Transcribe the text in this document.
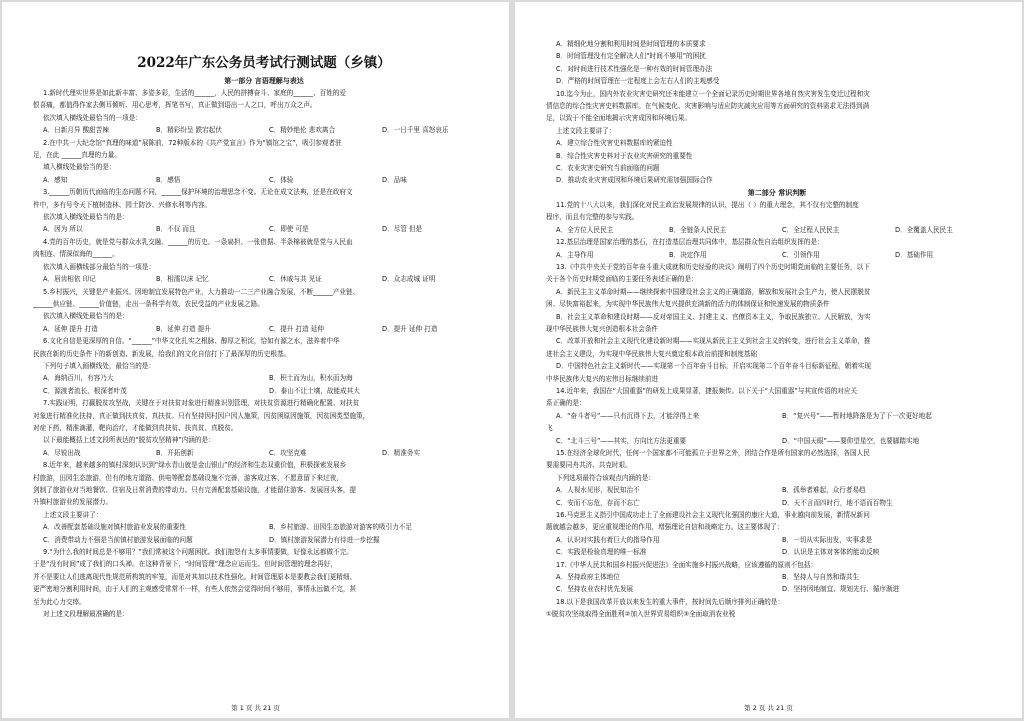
2022年广东公务员考试行测试题（乡镇）
第一部分 言语理解与表达
1.新时代理实世界是如此新丰富、多姿多彩，生活的______，人民的拼搏奋斗、家庭的______、百姓的爱
恨喜痛，都值得作家去侧耳倾听、用心思考，挥笔书写，真正做到语出一人之口，呼出万众之声。
依次填入横线处最恰当的一项是：
A．日新月异 酸甜苦辣	B．精彩纷呈 跌宕起伏	C．精妙绝伦 悲欢离合	D．一日千里 喜怒哀乐
2.在中共一大纪念馆“真理的味道”展陈前，72种版本的《共产党宣言》作为“镇馆之宝”，吸引参观者驻
足，在此 ______真理的力量。
填入横线处最恰当的是：
A．感知	B．感悟	C．体验	D．品味
3.______历朝历代面临的生态问题不同，______保护环境的治理思念不变。无论在成文法典，还是在政府文
件中，多有号令天下植树造林、园土防沙、兴修水利等内容。
依次填入横线处最恰当的是：
A．因为 所以	B．不仅 而且	C．即使 可是	D．尽管 但是
4.党的百年历史，就是党与群众水乳交融、______的历史。一条扁担、一张借据、半条棉被就是党与人民血
肉相连、情深似海的______。
依次填入画横线部分最恰当的一项是：
A．唇齿相依 印记	B．相濡以沫 记忆	C．休戚与共 见证	D．众志成城 证明
5.乡村振兴，关键是产业振兴。因地制宜发展特色产业，大力推动一二三产业融合发展，不断______产业链、
______供应链、______价值链，走出一条科学有效、农民受益的产业发展之路。
依次填入横线处最恰当的是：
A．延伸 提升 打造	B．延伸 打造 提升	C．提升 打造 延伸	D．提升 延伸 打造
6.文化自信是更深厚的自信。“______”中华文化扎实之根脉、醇厚之积淀，恰如有源之水，滋养着中华
民族在新的历史条件下的新创造、新发展，给我们的文化自信打下了最深厚的历史根基。
下列句子填入画横线处，最恰当的是：
A．海纳百川，有容乃大	B．积土而为山，积水而为海
C．源渡者流长，根深者叶茂	D．泰山不让土壤，故能成其大
7.实践证明，打赢脱贫攻坚战，关键在于对扶贫对象进行精准识别管理，对扶贫资源进行精确化配置、对扶贫
对象进行精准化扶持，真正做到扶真贫、真扶贫。只有坚持因村因户因人施策，因贫困原因施策，因贫困类型施策，
对症下药，精准滴灌，靶向治疗，才能做到真扶贫、扶真贫、真脱贫。
以下最能概括上述文段所表达的“脱贫攻坚精神”内涵的是：
A．尽锐出战	B．开拓创新	C．攻坚克难	D．精准务实
8.近年来，越来越多的镇村深刻认识到“绿水青山就是金山银山”的经济和生态双重价值，积极探索发展乡
村旅游，田园生态旅游，但有的地方道路、供电等配套基础设施不完善，游客成过客，不愿意留下来过夜，
剑制了旅游业对当地餐饮、住宿及日常消费的带动力。只有完善配套基础设施，才能留住游客、发展回头客，提
升镇村旅游业的发展潜力。
上述文段主要讲了：
A．改善配套基础设施对镇村旅游业发展的重要性	B．乡村旅游、田园生态旅游对游客的吸引力不足
C．消费带动力不强是当前镇村旅游发展面临的问题	D．镇村旅游发展潜力有待进一步挖掘
9.“为什么我的时间总是不够用？”我们常被这个问题困扰。我们抱怨有太多事情要做，好像永远都做不完。
于是“没有时间”成了我们的口头禅。在这种背景下，“时间管理”理念应运而生。但时间管理的理念再好，
并不是要让人们逃离现代性规范所构筑的牢笼，而是对其加以技术性强化。时间管理原本是要教会我们更精细、
更严密地分割利用时间，由于人们的主观感受常常不一样，有些人依然会觉得时间不够用，事情永远做不完，甚
至为此心力交瘁。
对上述文段理解最准确的是：
第 1 页 共 21 页
A．精细化地分割和利用时间是时间管理的本质要求
B．时间管理没有完全解决人们“时间不够用”的困扰
C．对时间进行技术性强化是一种有效的时间管理办法
D．严格的时间管理在一定程度上会左右人们的主观感受
10.迄今为止，国内外农业灾害史研究还未能建立一个全面记录历史时期世界各地自然灾害发生变迁过程和灾
情信息的综合性灾害史料数据库。在气候变化、灾害影响与适应防灾减灾应用等方面研究的资料需求无法得到满
足，以致于不能全面地揭示灾害成因和环境后果。
上述文段主要讲了：
A．建立综合性灾害史料数据库的紧迫性
B．综合性灾害史料对于农业灾害研究的重要性
C．农业灾害史研究当前面临的问题
D．推动农业灾害成因和环境后果研究需加强国际合作
第二部分 常识判断
11.党的十八大以来，我们深化对民主政治发展规律的认识，提出（ ）的重大理念，其不仅有完整的制度
程序，而且有完整的参与实践。
A．全方位人民民主	B．全链条人民民主	C．全过程人民民主	D．全覆盖人民民主
12.基层治理是国家治理的基石，在打造基层治理共同体中，基层群众性自治组织发挥的是：
A．主导作用	B．决定作用	C．引领作用	D．基础作用
13.《中共中央关于党的百年奋斗重大成就和历史经验的决议》阐明了四个历史时期党面临的主要任务，以下
关于各个历史时期党面临的主要任务表述正确的是：
A．新民主主义革命时期——继续探索中国建设社会主义的正确道路，解放和发展社会生产力，使人民摆脱贫
困、尽快富裕起来，为实现中华民族伟大复兴提供充满新的活力的体制保证和快速发展的物质条件
B．社会主义革命和建设时期——反对帝国主义、封建主义、官僚资本主义，争取民族独立、人民解放，为实
现中华民族伟大复兴创造根本社会条件
C．改革开放和社会主义现代化建设新时期——实现从新民主主义到社会主义的转变，进行社会主义革命，推
进社会主义建设，为实现中华民族伟大复兴奠定根本政治前提和制度基础
D．中国特色社会主义新时代——实现第一个百年奋斗目标，开启实现第二个百年奋斗目标新征程，朝着实现
中华民族伟大复兴的宏伟目标继续前进
14.近年来，我国在“大国重器”的研发上成果显著，捷报频传。以下关于“大国重器”与其宣传语的对应关
系正确的是：
A．“奋斗者号”——只有沉得下去，才能浮得上来	B．“复兴号”——暂时地降落是为了下一次更好地起
飞
C．“北斗三号”——其实，方向比方法更重要	D．“中国天眼”——要仰望星空，也要脚踏实地
15.在经济全球化时代，任何一个国家都不可能孤立于世界之外，团结合作是所有国家的必然选择，各国人民
要需要同舟共济、共克时艰。
下列选项最符合该观点内涵的是：
A．人视水见形，视民知治不	B．孤举者难起，众行者易趋
C．安而不忘危，存而不忘亡	D．天不言而四时行，地不语而百物生
16.马克思主义指引中国成功走上了全面建设社会主义现代化强国的康庄大道，事业越向前发展，新情况新问
题就越会越多，更应重视理论的作用，增强理论自信和战略定力。这主要体现了：
A．认识对实践有着巨大的指导作用	B．一切从实际出发，实事求是
C．实践是检验真理的唯一标准	D．认识是主体对客体的能动反映
17.《中华人民共和国乡村振兴促进法》全面实施乡村振兴战略，应该遵循的原则不包括：
A．坚持政府主体地位	B．坚持人与自然和谐共生
C．坚持农业农村优先发展	D．坚持因地制宜、规划先行、循序渐进
18.以下是我国改革开放以来发生的重大事件，按时间先后顺序排列正确的是：
①脱贫攻坚战取得全面胜利②加入世界贸易组织③全面取消农业税
第 2 页 共 21 页
